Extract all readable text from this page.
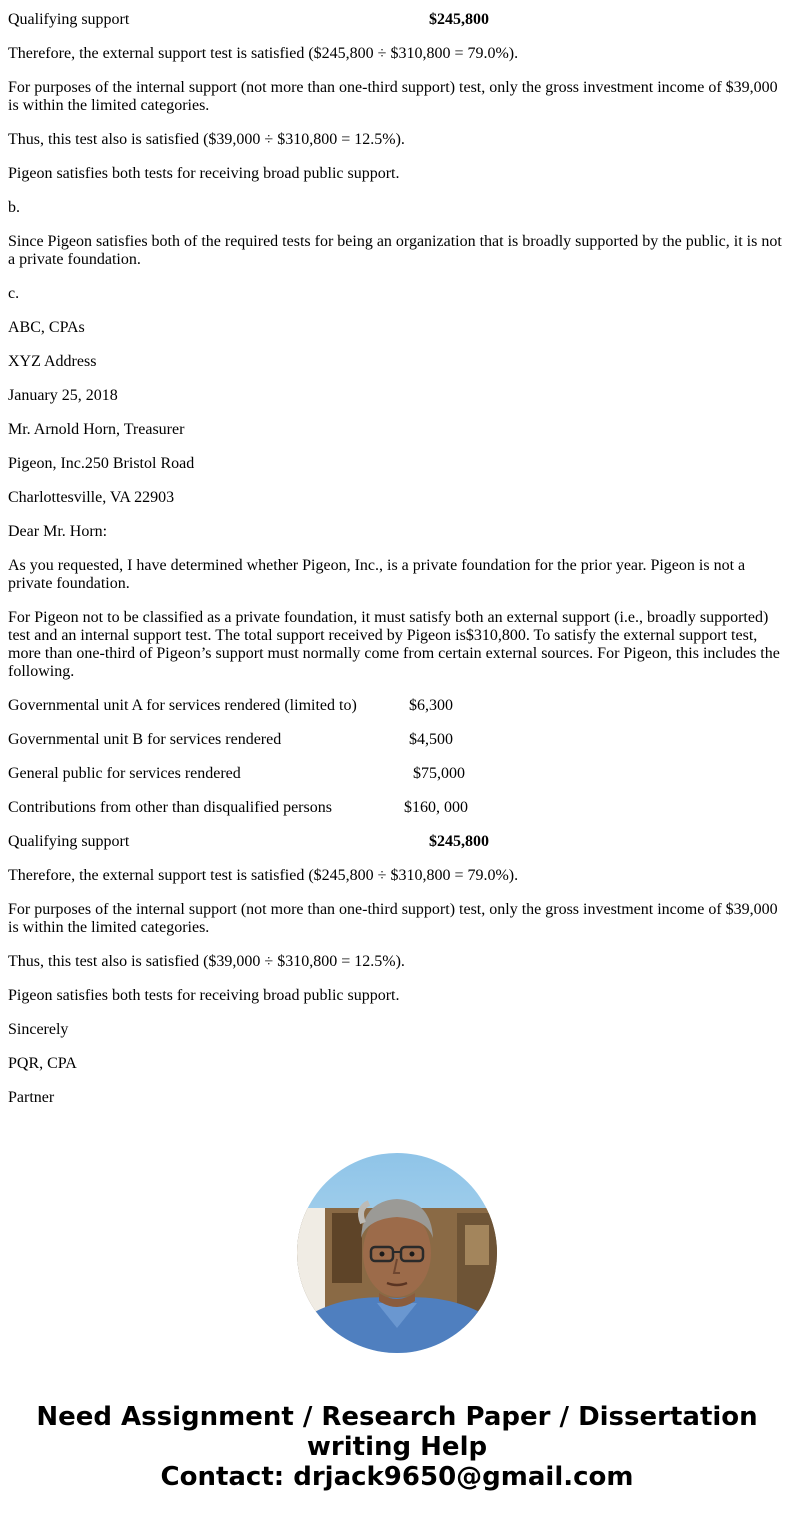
Qualifying support	$245,800

Therefore, the external support test is satisfied ($245,800 ÷ $310,800 = 79.0%).

For purposes of the internal support (not more than one-third support) test, only the gross investment income of $39,000 is within the limited categories.

Thus, this test also is satisfied ($39,000 ÷ $310,800 = 12.5%).

Pigeon satisfies both tests for receiving broad public support.

b.

Since Pigeon satisfies both of the required tests for being an organization that is broadly supported by the public, it is not a private foundation.

c.

ABC, CPAs

XYZ Address

January 25, 2018

Mr. Arnold Horn, Treasurer

Pigeon, Inc.250 Bristol Road

Charlottesville, VA 22903

Dear Mr. Horn:

As you requested, I have determined whether Pigeon, Inc., is a private foundation for the prior year. Pigeon is not a private foundation.

For Pigeon not to be classified as a private foundation, it must satisfy both an external support (i.e., broadly supported) test and an internal support test. The total support received by Pigeon is$310,800. To satisfy the external support test, more than one-third of Pigeon’s support must normally come from certain external sources. For Pigeon, this includes the following.

Governmental unit A for services rendered (limited to)	$6,300
Governmental unit B for services rendered	$4,500
General public for services rendered	$75,000
Contributions from other than disqualified persons	$160, 000
Qualifying support	$245,800

Therefore, the external support test is satisfied ($245,800 ÷ $310,800 = 79.0%).

For purposes of the internal support (not more than one-third support) test, only the gross investment income of $39,000 is within the limited categories.

Thus, this test also is satisfied ($39,000 ÷ $310,800 = 12.5%).

Pigeon satisfies both tests for receiving broad public support.

Sincerely

PQR, CPA

Partner

Need Assignment / Research Paper / Dissertation
writing Help
Contact: drjack9650@gmail.com
